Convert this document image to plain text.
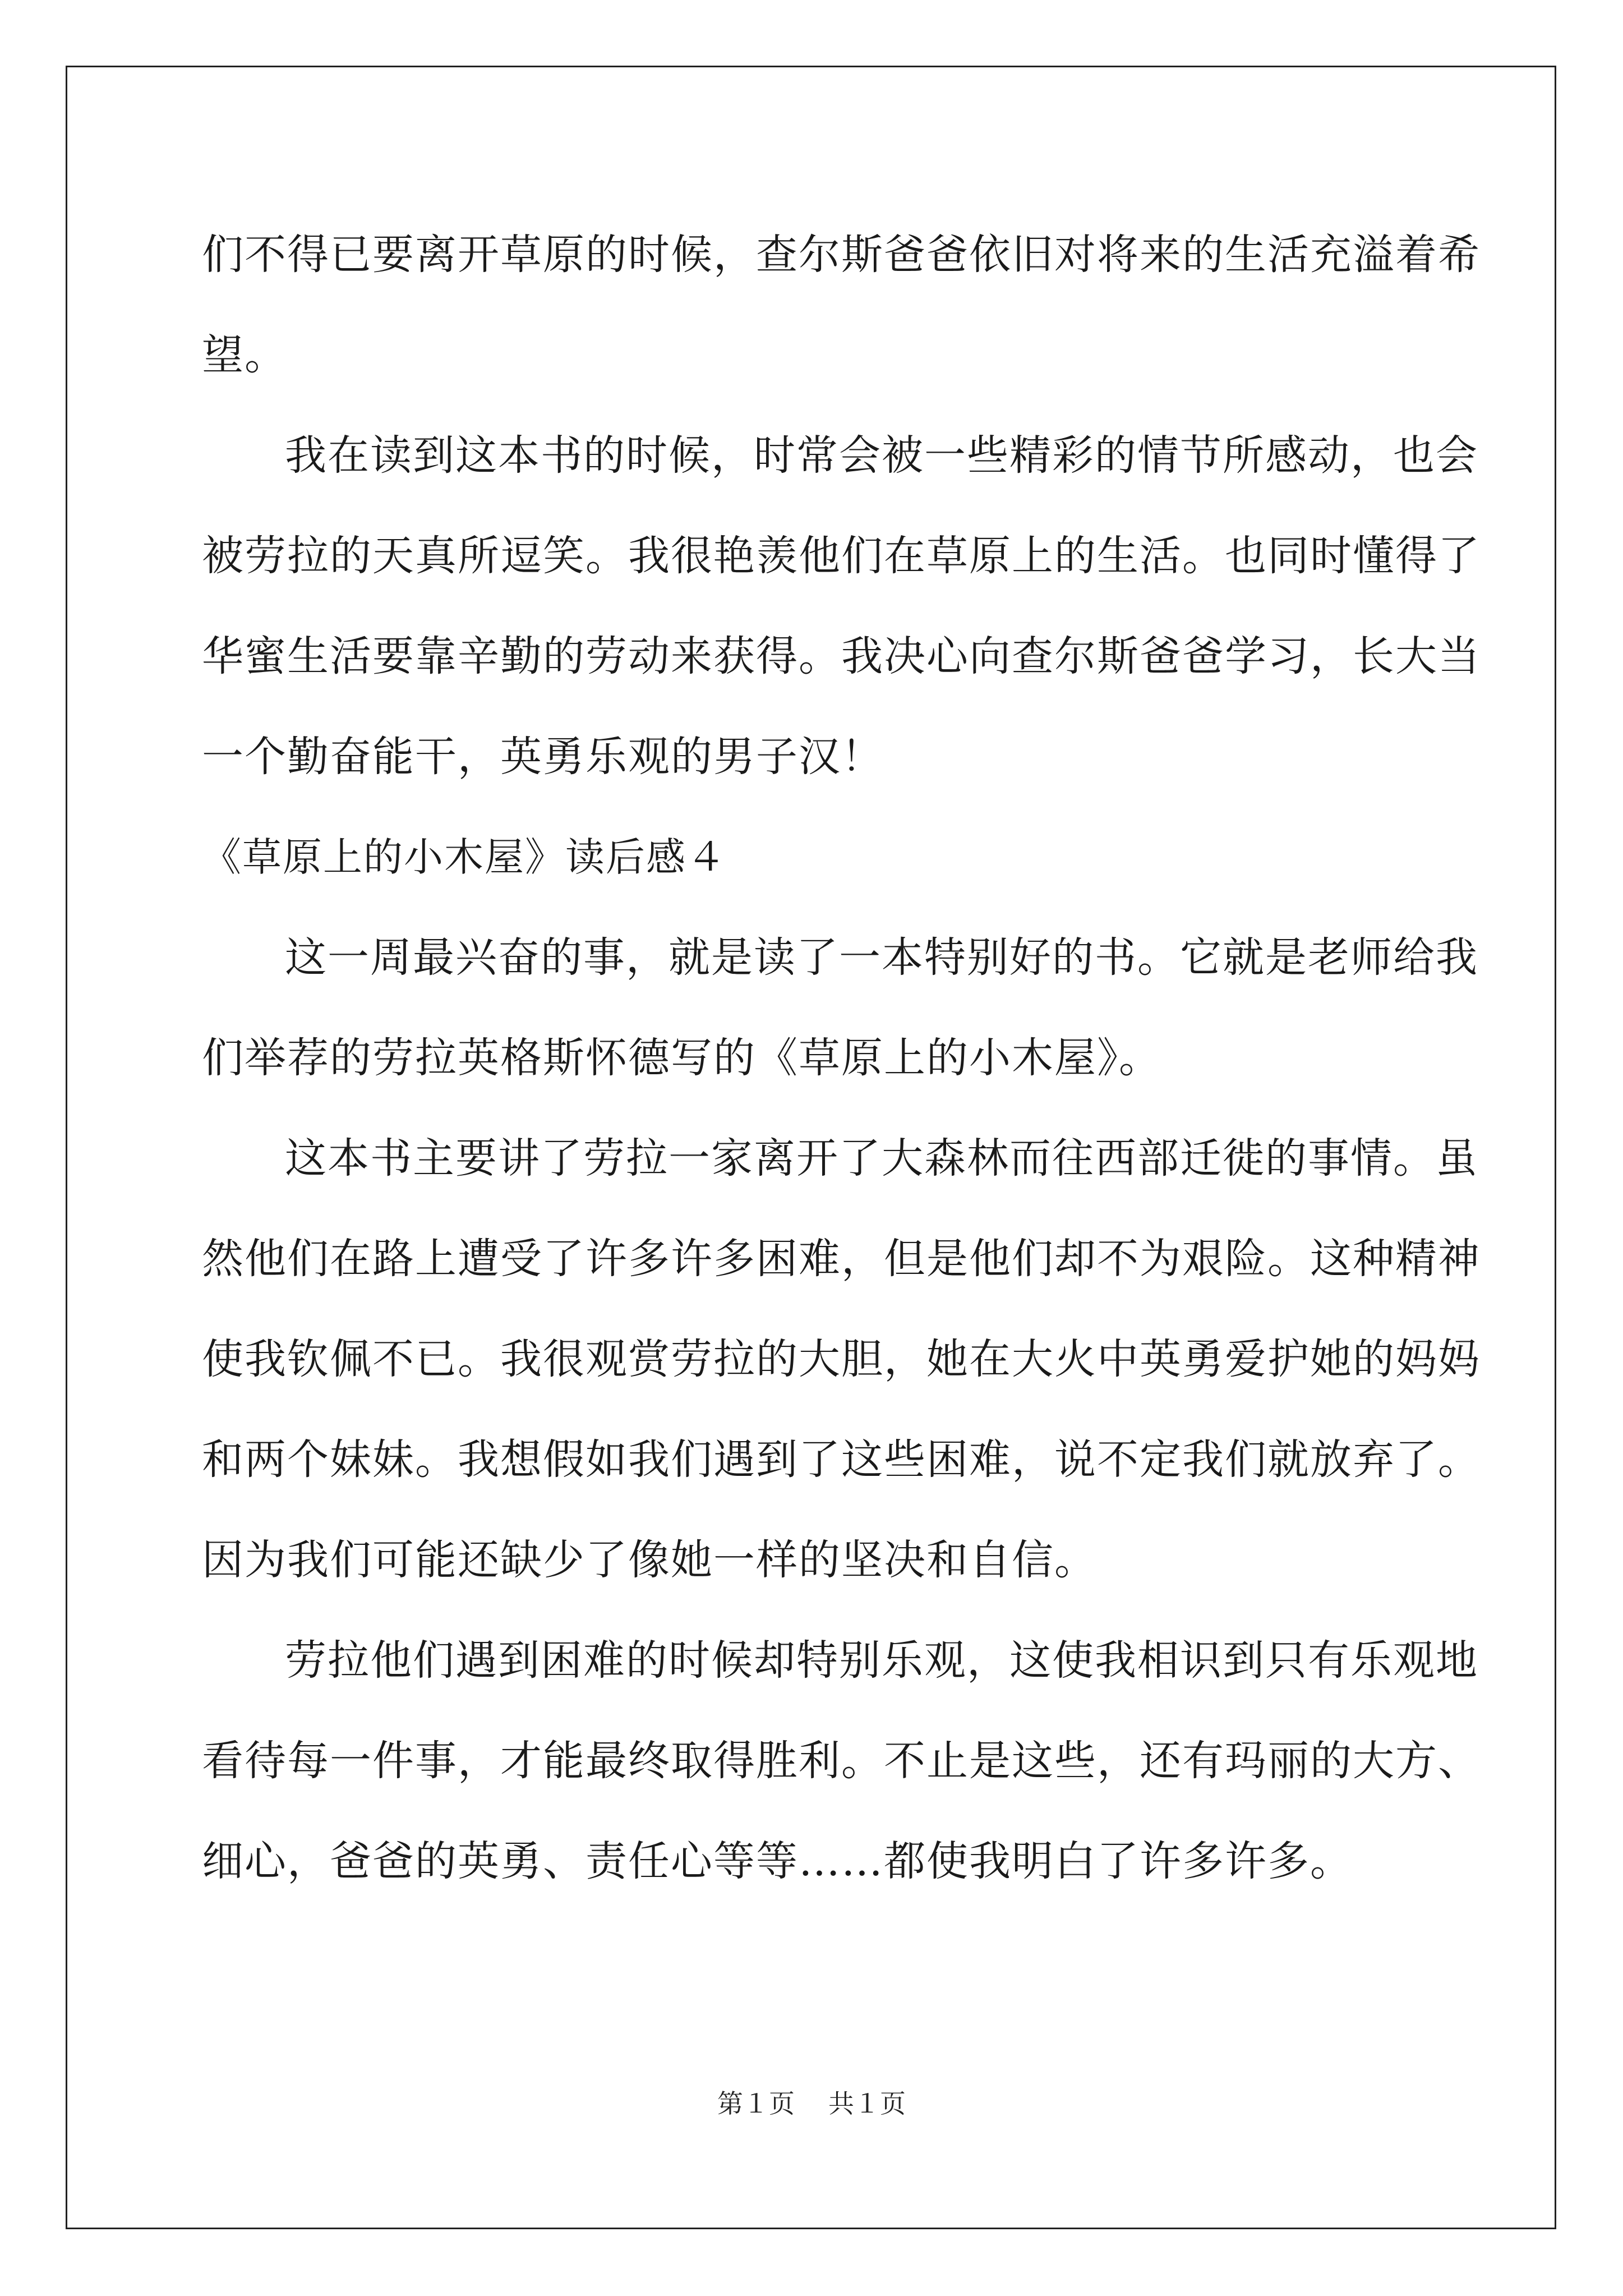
们不得已要离开草原的时候，查尔斯爸爸依旧对将来的生活充溢着希
望。
我在读到这本书的时候，时常会被一些精彩的情节所感动，也会
被劳拉的天真所逗笑。我很艳羡他们在草原上的生活。也同时懂得了
华蜜生活要靠辛勤的劳动来获得。我决心向查尔斯爸爸学习，长大当
一个勤奋能干，英勇乐观的男子汉！
《草原上的小木屋》读后感４
这一周最兴奋的事，就是读了一本特别好的书。它就是老师给我
们举荐的劳拉英格斯怀德写的《草原上的小木屋》。
这本书主要讲了劳拉一家离开了大森林而往西部迁徙的事情。虽
然他们在路上遭受了许多许多困难，但是他们却不为艰险。这种精神
使我钦佩不已。我很观赏劳拉的大胆，她在大火中英勇爱护她的妈妈
和两个妹妹。我想假如我们遇到了这些困难，说不定我们就放弃了。
因为我们可能还缺少了像她一样的坚决和自信。
劳拉他们遇到困难的时候却特别乐观，这使我相识到只有乐观地
看待每一件事，才能最终取得胜利。不止是这些，还有玛丽的大方、
细心，爸爸的英勇、责任心等等……都使我明白了许多许多。
第１页 共１页
